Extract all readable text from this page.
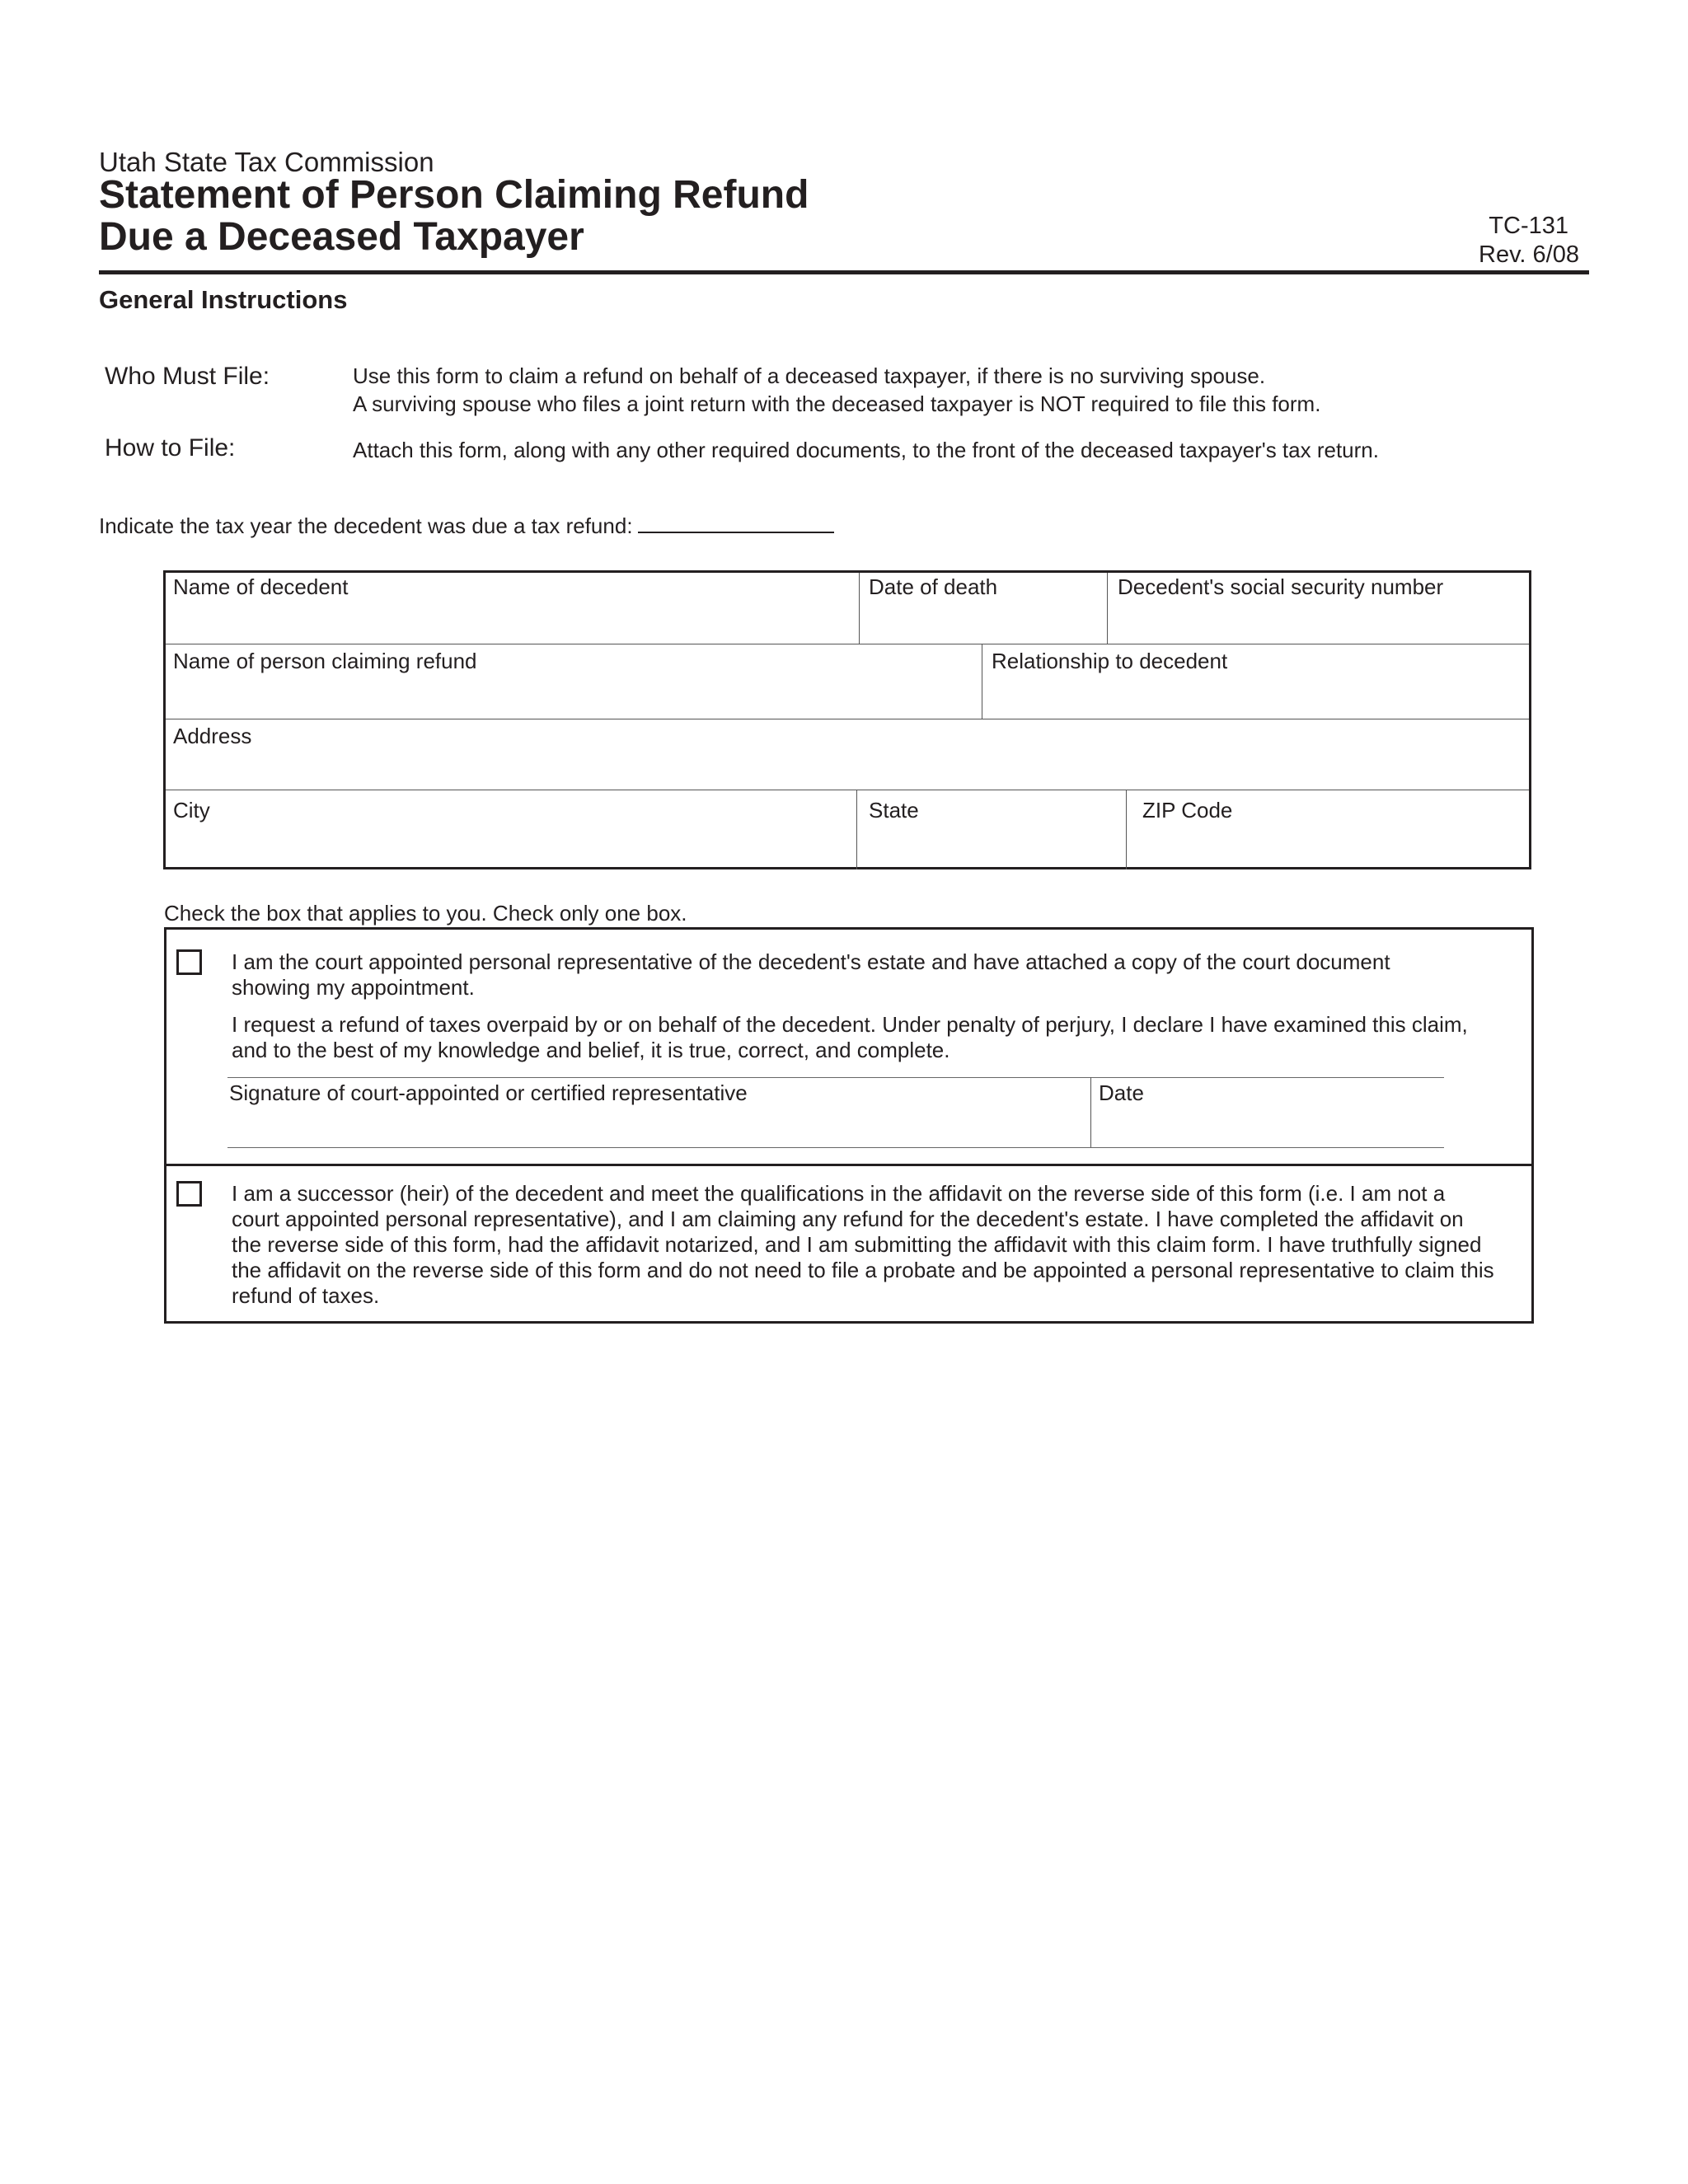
Utah State Tax Commission
Statement of Person Claiming Refund
Due a Deceased Taxpayer	TC-131
Rev. 6/08
General Instructions
Who Must File:	Use this form to claim a refund on behalf of a deceased taxpayer, if there is no surviving spouse.
A surviving spouse who files a joint return with the deceased taxpayer is NOT required to file this form.
How to File:	Attach this form, along with any other required documents, to the front of the deceased taxpayer's tax return.
Indicate the tax year the decedent was due a tax refund:
Name of decedent	Date of death	Decedent's social security number
Name of person claiming refund	Relationship to decedent
Address
City	State	ZIP Code
Check the box that applies to you. Check only one box.
I am the court appointed personal representative of the decedent's estate and have attached a copy of the court document
showing my appointment.
I request a refund of taxes overpaid by or on behalf of the decedent. Under penalty of perjury, I declare I have examined this claim,
and to the best of my knowledge and belief, it is true, correct, and complete.
Signature of court-appointed or certified representative	Date
I am a successor (heir) of the decedent and meet the qualifications in the affidavit on the reverse side of this form (i.e. I am not a
court appointed personal representative), and I am claiming any refund for the decedent's estate. I have completed the affidavit on
the reverse side of this form, had the affidavit notarized, and I am submitting the affidavit with this claim form. I have truthfully signed
the affidavit on the reverse side of this form and do not need to file a probate and be appointed a personal representative to claim this
refund of taxes.
